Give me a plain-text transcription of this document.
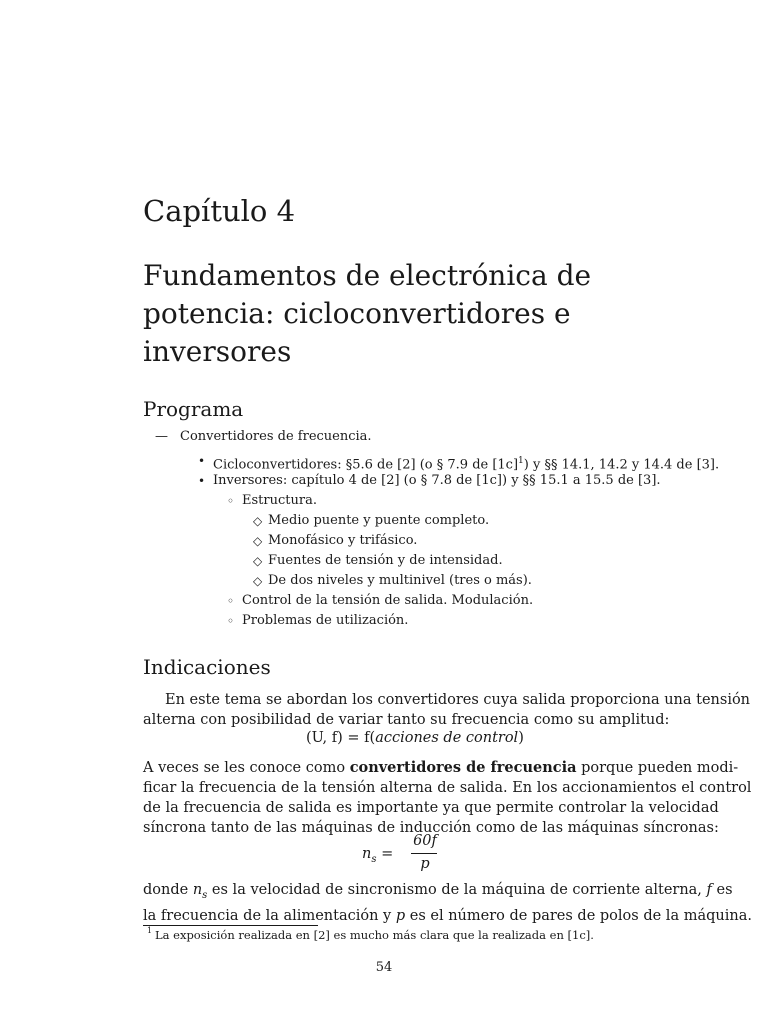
Capítulo 4
Fundamentos de electrónica de
potencia: cicloconvertidores e
inversores
Programa
— Convertidores de frecuencia.
• Cicloconvertidores: §5.6 de [2] (o § 7.9 de $[1c]^1$) y §§ 14.1, 14.2 y 14.4 de [3].
• Inversores: capítulo 4 de [2] (o § 7.8 de [1c]) y §§ 15.1 a 15.5 de [3].
◦ Estructura.
◇ Medio puente y puente completo.
◇ Monofásico y trifásico.
◇ Fuentes de tensión y de intensidad.
◇ De dos niveles y multinivel (tres o más).
◦ Control de la tensión de salida. Modulación.
◦ Problemas de utilización.
Indicaciones
En este tema se abordan los convertidores cuya salida proporciona una tensión
alterna con posibilidad de variar tanto su frecuencia como su amplitud:
(U, f) = f(acciones de control)
A veces se les conoce como convertidores de frecuencia porque pueden modi-
ficar la frecuencia de la tensión alterna de salida. En los accionamientos el control
de la frecuencia de salida es importante ya que permite controlar la velocidad
síncrona tanto de las máquinas de inducción como de las máquinas síncronas:
$n_s$ =
60f
p
donde $n_s$ es la velocidad de sincronismo de la máquina de corriente alterna, f es
la frecuencia de la alimentación y p es el número de pares de polos de la máquina.
1 La exposición realizada en [2] es mucho más clara que la realizada en [1c].
54
